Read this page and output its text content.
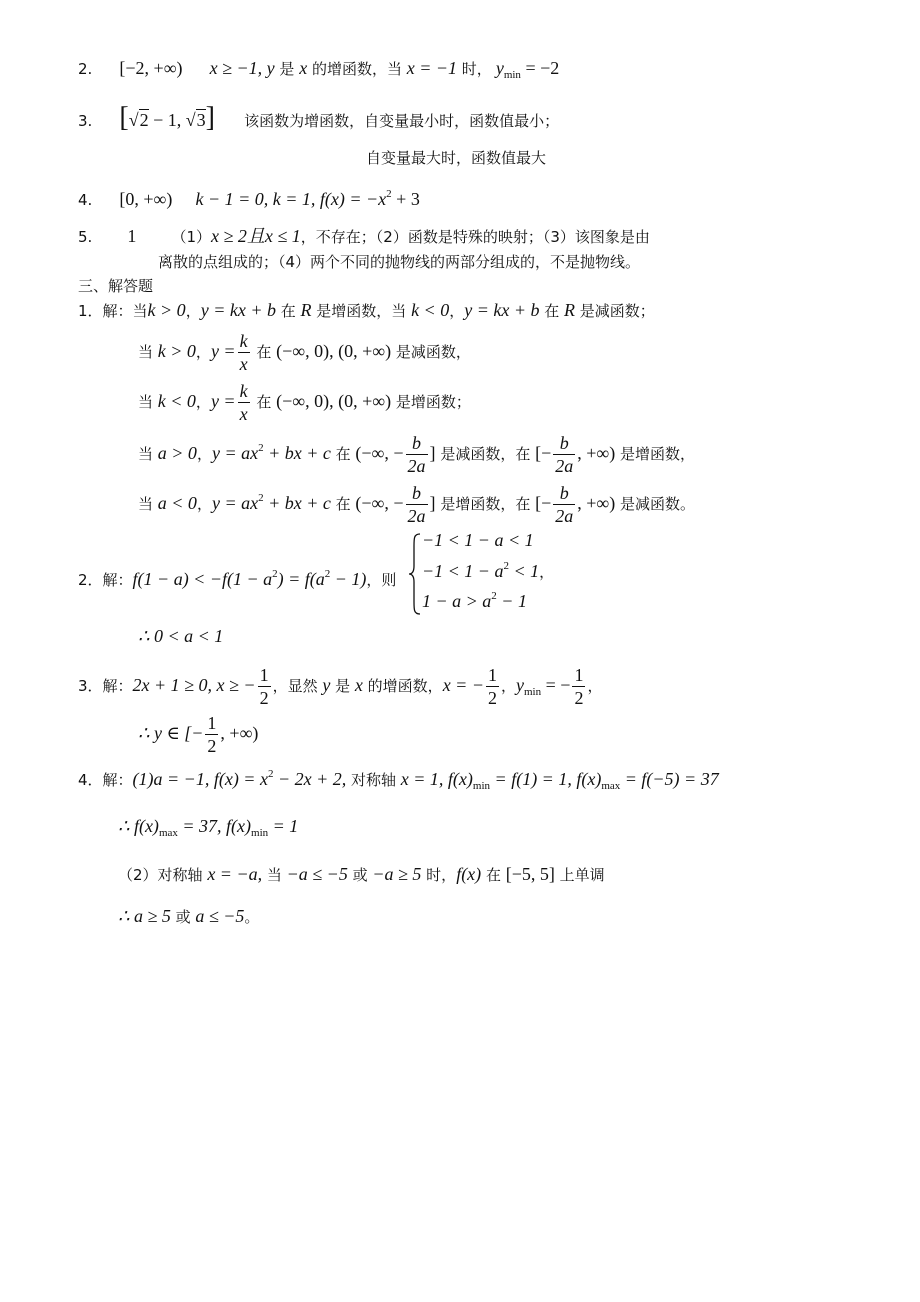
2. [−2, +∞) x ≥ −1, y 是 x 的增函数，当 x = −1 时， $y_{min} = -2$
3. [√2 − 1, √3] 该函数为增函数，自变量最小时，函数值最小；
自变量最大时，函数值最大
4. [0, +∞) k − 1 = 0, k = 1, $f(x) = -x^2 + 3$
5. 1 （1）x ≥ 2且x ≤ 1，不存在；（2）函数是特殊的映射；（3）该图象是由
离散的点组成的；（4）两个不同的抛物线的两部分组成的，不是抛物线。
三、解答题
1．解：当k > 0，y = kx + b 在 R 是增函数，当 k < 0，y = kx + b 在 R 是减函数；
当 k > 0，$y = \frac{k}{x}$ 在 (−∞, 0), (0, +∞) 是减函数，
当 k < 0，$y = \frac{k}{x}$ 在 (−∞, 0), (0, +∞) 是增函数；
当 a > 0，$y = ax^2$ + bx + c 在 (−∞, − $\frac{b}{2a}$ ] 是减函数，在 [− $\frac{b}{2a}$ , +∞) 是增函数，
当 a < 0，$y = ax^2$ + bx + c 在 (−∞, − $\frac{b}{2a}$ ] 是增函数，在 [− $\frac{b}{2a}$ , +∞) 是减函数。
2．解：$f(1 - a) < -f(1 - a^2) = f(a^2 - 1)$，则
−1 < 1 − a < 1
$-1 < 1 - a^2 < 1$，
$1 - a > a^2 - 1$
∴ 0 < a < 1
3．解：2x + 1 ≥ 0, x ≥ − $\frac{1}{2}$ ，显然 y 是 x 的增函数，x = − $\frac{1}{2}$ ，$y_{min}$ = − $\frac{1}{2}$ ，
∴ y ∈ [− $\frac{1}{2}$ , +∞)
4．解：(1)a = −1, $f(x) = x^2 - 2x + 2$, 对称轴 x = 1, $f(x)_{min} = f(1) = 1$, $f(x)_{max} = f(-5) = 37$
∴ $f(x)_{max} = 37$, $f(x)_{min} = 1$
（2）对称轴 x = −a, 当 −a ≤ −5 或 −a ≥ 5 时，f(x) 在 [−5, 5] 上单调
∴ a ≥ 5 或 a ≤ −5。
